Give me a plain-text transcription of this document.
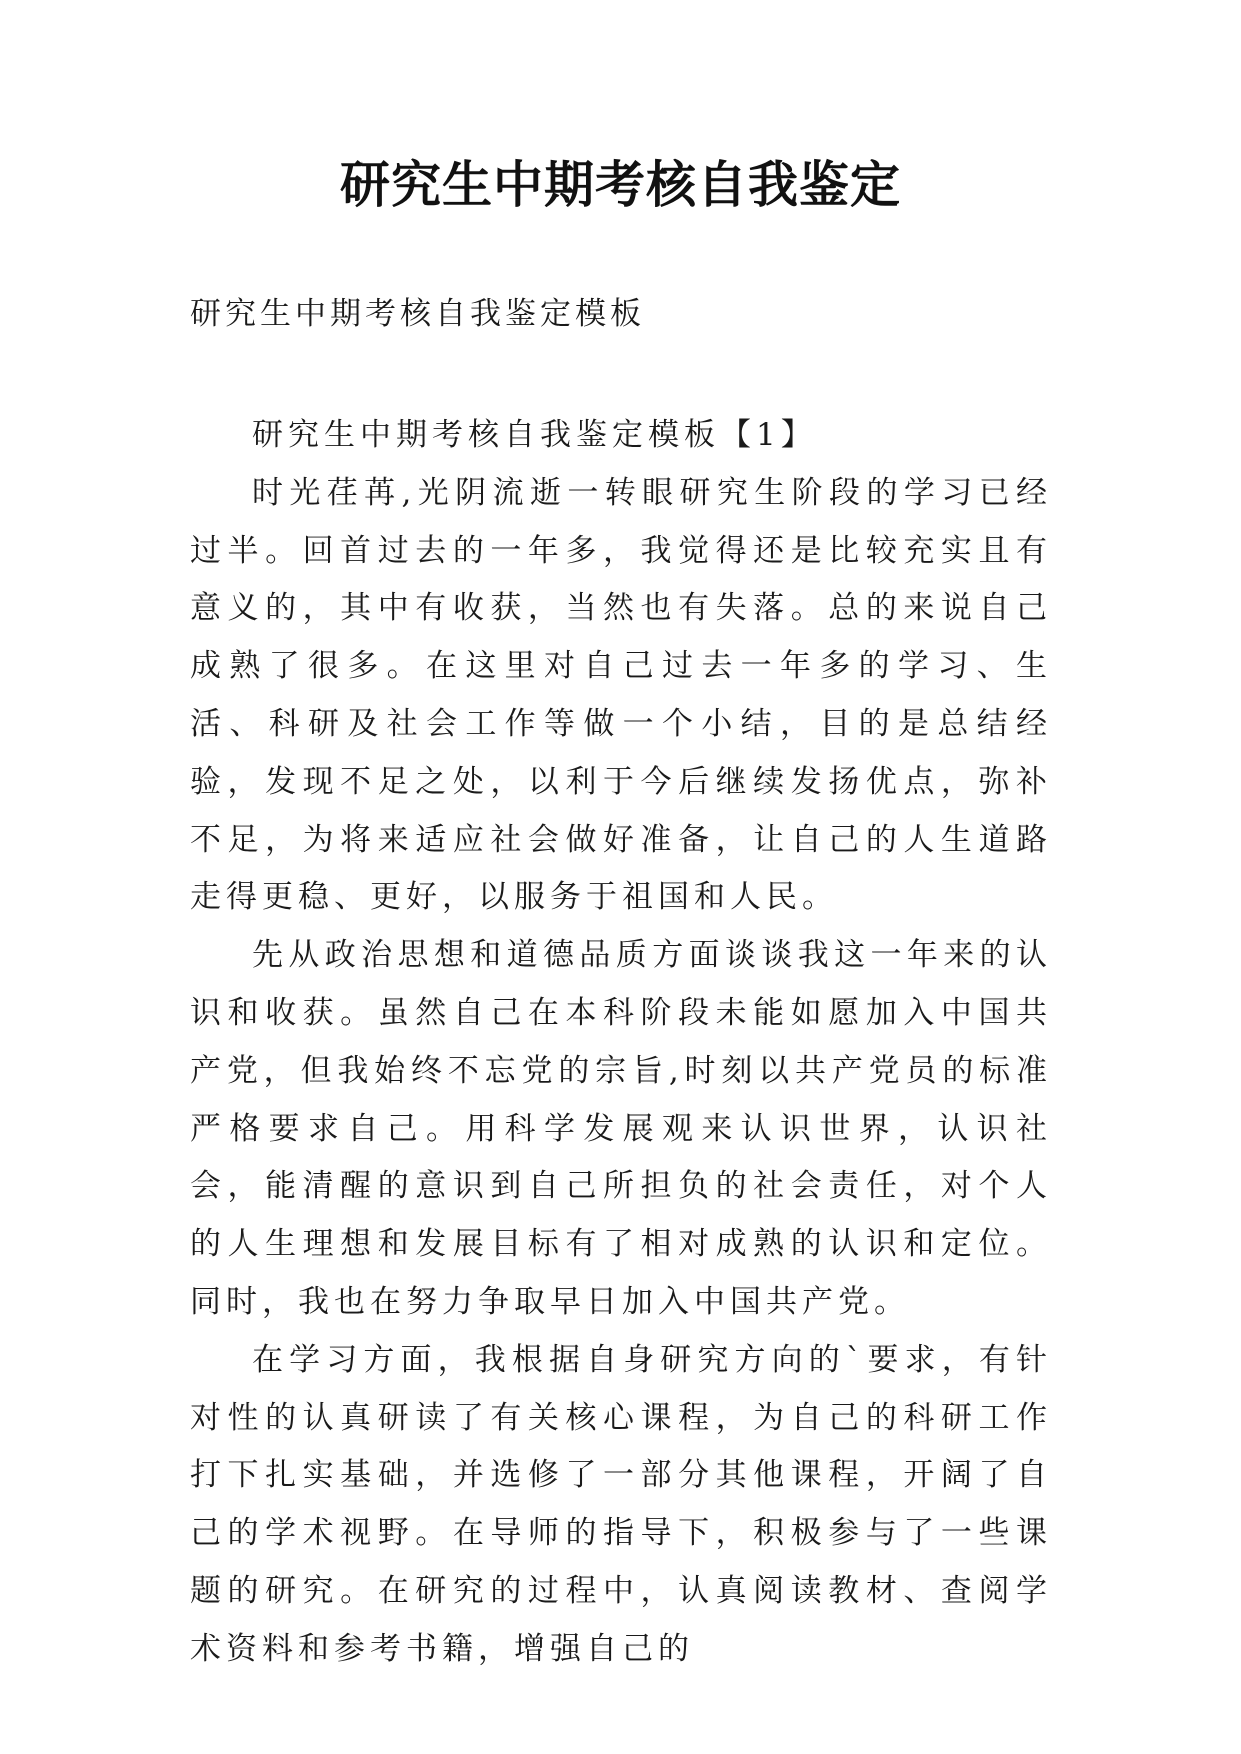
研究生中期考核自我鉴定
研究生中期考核自我鉴定模板

研究生中期考核自我鉴定模板【1】

时光荏苒,光阴流逝一转眼研究生阶段的学习已经过半。回首过去的一年多，我觉得还是比较充实且有意义的，其中有收获，当然也有失落。总的来说自己成熟了很多。在这里对自己过去一年多的学习、生活、科研及社会工作等做一个小结，目的是总结经验，发现不足之处，以利于今后继续发扬优点，弥补不足，为将来适应社会做好准备，让自己的人生道路走得更稳、更好，以服务于祖国和人民。

先从政治思想和道德品质方面谈谈我这一年来的认识和收获。虽然自己在本科阶段未能如愿加入中国共产党，但我始终不忘党的宗旨,时刻以共产党员的标准严格要求自己。用科学发展观来认识世界，认识社会，能清醒的意识到自己所担负的社会责任，对个人的人生理想和发展目标有了相对成熟的认识和定位。同时，我也在努力争取早日加入中国共产党。

在学习方面，我根据自身研究方向的`要求，有针对性的认真研读了有关核心课程，为自己的科研工作打下扎实基础，并选修了一部分其他课程，开阔了自己的学术视野。在导师的指导下，积极参与了一些课题的研究。在研究的过程中，认真阅读教材、查阅学术资料和参考书籍，增强自己的
